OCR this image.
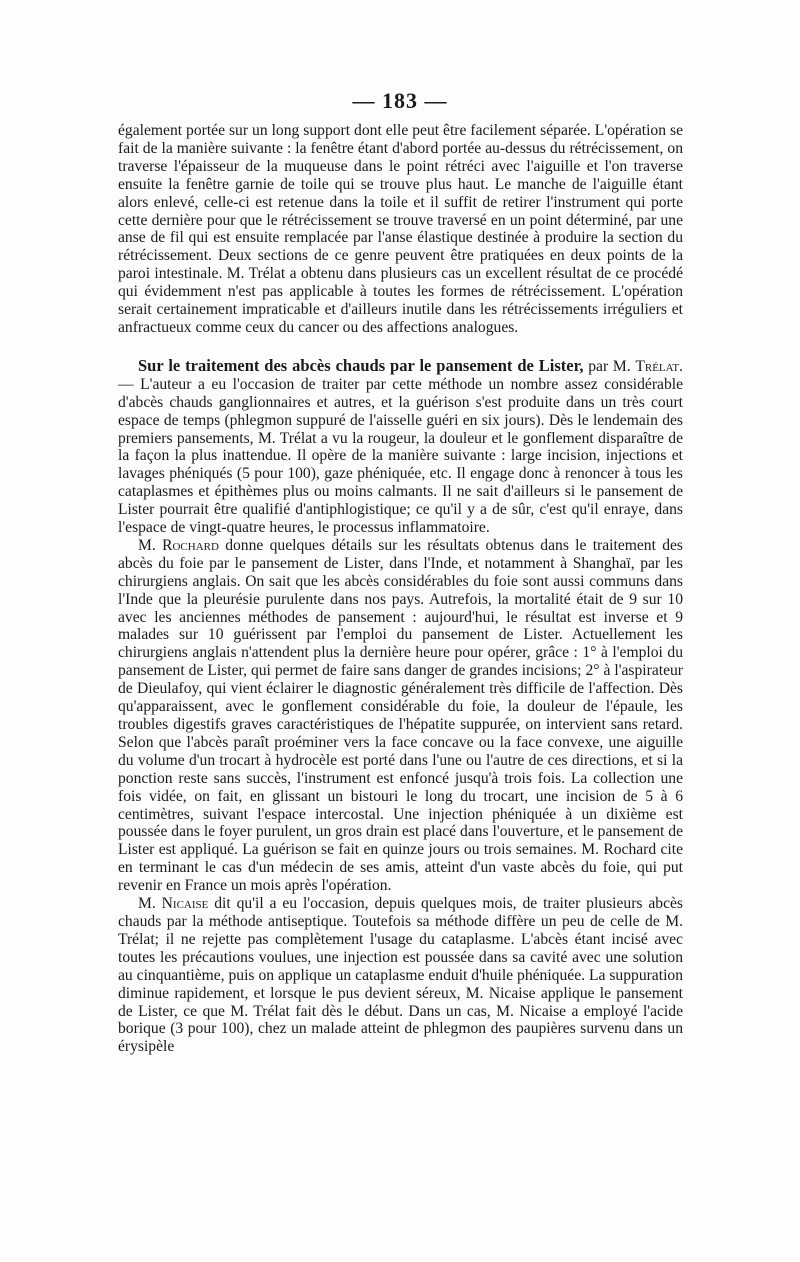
— 183 —

également portée sur un long support dont elle peut être facilement séparée. L'opération se fait de la manière suivante : la fenêtre étant d'abord portée au-dessus du rétrécissement, on traverse l'épaisseur de la muqueuse dans le point rétréci avec l'aiguille et l'on traverse ensuite la fenêtre garnie de toile qui se trouve plus haut. Le manche de l'aiguille étant alors enlevé, celle-ci est retenue dans la toile et il suffit de retirer l'instrument qui porte cette dernière pour que le rétrécissement se trouve traversé en un point déterminé, par une anse de fil qui est ensuite remplacée par l'anse élastique destinée à produire la section du rétrécissement. Deux sections de ce genre peuvent être pratiquées en deux points de la paroi intestinale. M. Trélat a obtenu dans plusieurs cas un excellent résultat de ce procédé qui évidemment n'est pas applicable à toutes les formes de rétrécissement. L'opération serait certainement impraticable et d'ailleurs inutile dans les rétrécissements irréguliers et anfractueux comme ceux du cancer ou des affections analogues.

Sur le traitement des abcès chauds par le pansement de Lister, par M. Trélat. — L'auteur a eu l'occasion de traiter par cette méthode un nombre assez considérable d'abcès chauds ganglionnaires et autres, et la guérison s'est produite dans un très court espace de temps (phlegmon suppuré de l'aisselle guéri en six jours). Dès le lendemain des premiers pansements, M. Trélat a vu la rougeur, la douleur et le gonflement disparaître de la façon la plus inattendue. Il opère de la manière suivante : large incision, injections et lavages phéniqués (5 pour 100), gaze phéniquée, etc. Il engage donc à renoncer à tous les cataplasmes et épithèmes plus ou moins calmants. Il ne sait d'ailleurs si le pansement de Lister pourrait être qualifié d'antiphlogistique; ce qu'il y a de sûr, c'est qu'il enraye, dans l'espace de vingt-quatre heures, le processus inflammatoire.

M. Rochard donne quelques détails sur les résultats obtenus dans le traitement des abcès du foie par le pansement de Lister, dans l'Inde, et notamment à Shanghaï, par les chirurgiens anglais. On sait que les abcès considérables du foie sont aussi communs dans l'Inde que la pleurésie purulente dans nos pays. Autrefois, la mortalité était de 9 sur 10 avec les anciennes méthodes de pansement : aujourd'hui, le résultat est inverse et 9 malades sur 10 guérissent par l'emploi du pansement de Lister. Actuellement les chirurgiens anglais n'attendent plus la dernière heure pour opérer, grâce : 1° à l'emploi du pansement de Lister, qui permet de faire sans danger de grandes incisions; 2° à l'aspirateur de Dieulafoy, qui vient éclairer le diagnostic généralement très difficile de l'affection. Dès qu'apparaissent, avec le gonflement considérable du foie, la douleur de l'épaule, les troubles digestifs graves caractéristiques de l'hépatite suppurée, on intervient sans retard. Selon que l'abcès paraît proéminer vers la face concave ou la face convexe, une aiguille du volume d'un trocart à hydrocèle est porté dans l'une ou l'autre de ces directions, et si la ponction reste sans succès, l'instrument est enfoncé jusqu'à trois fois. La collection une fois vidée, on fait, en glissant un bistouri le long du trocart, une incision de 5 à 6 centimètres, suivant l'espace intercostal. Une injection phéniquée à un dixième est poussée dans le foyer purulent, un gros drain est placé dans l'ouverture, et le pansement de Lister est appliqué. La guérison se fait en quinze jours ou trois semaines. M. Rochard cite en terminant le cas d'un médecin de ses amis, atteint d'un vaste abcès du foie, qui put revenir en France un mois après l'opération.

M. Nicaise dit qu'il a eu l'occasion, depuis quelques mois, de traiter plusieurs abcès chauds par la méthode antiseptique. Toutefois sa méthode diffère un peu de celle de M. Trélat; il ne rejette pas complètement l'usage du cataplasme. L'abcès étant incisé avec toutes les précautions voulues, une injection est poussée dans sa cavité avec une solution au cinquantième, puis on applique un cataplasme enduit d'huile phéniquée. La suppuration diminue rapidement, et lorsque le pus devient séreux, M. Nicaise applique le pansement de Lister, ce que M. Trélat fait dès le début. Dans un cas, M. Nicaise a employé l'acide borique (3 pour 100), chez un malade atteint de phlegmon des paupières survenu dans un érysipèle
